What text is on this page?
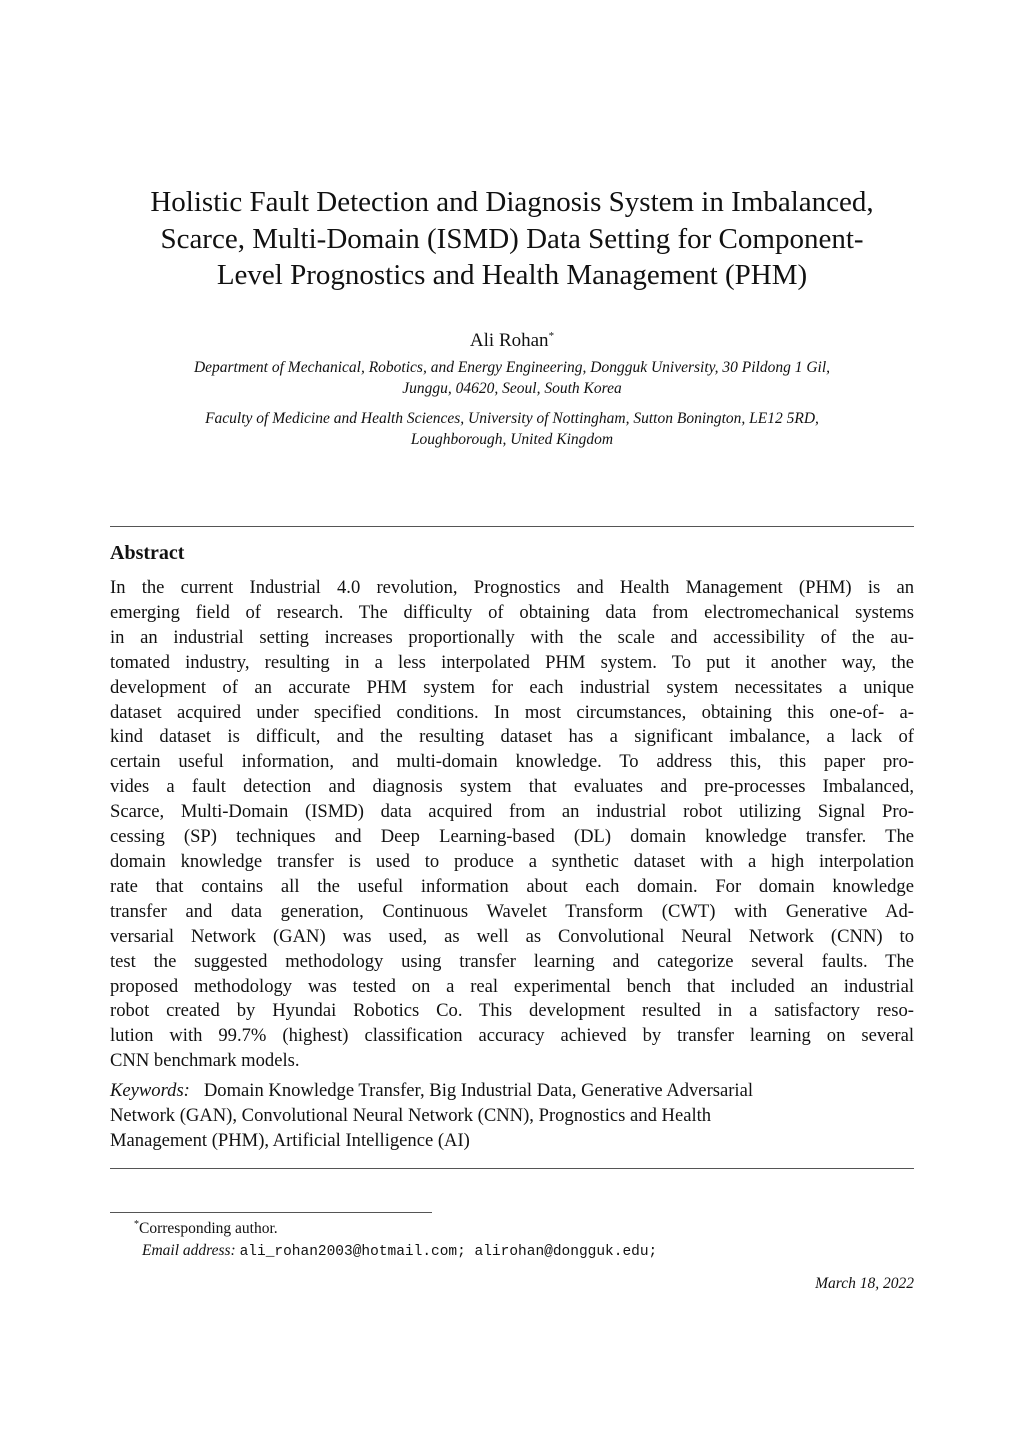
Holistic Fault Detection and Diagnosis System in Imbalanced,
Scarce, Multi-Domain (ISMD) Data Setting for Component-
Level Prognostics and Health Management (PHM)
Ali Rohan*
Department of Mechanical, Robotics, and Energy Engineering, Dongguk University, 30 Pildong 1 Gil,
Junggu, 04620, Seoul, South Korea
Faculty of Medicine and Health Sciences, University of Nottingham, Sutton Bonington, LE12 5RD,
Loughborough, United Kingdom
Abstract
In the current Industrial 4.0 revolution, Prognostics and Health Management (PHM) is an
emerging field of research. The difficulty of obtaining data from electromechanical systems
in an industrial setting increases proportionally with the scale and accessibility of the au-
tomated industry, resulting in a less interpolated PHM system. To put it another way, the
development of an accurate PHM system for each industrial system necessitates a unique
dataset acquired under specified conditions. In most circumstances, obtaining this one-of- a-
kind dataset is difficult, and the resulting dataset has a significant imbalance, a lack of
certain useful information, and multi-domain knowledge. To address this, this paper pro-
vides a fault detection and diagnosis system that evaluates and pre-processes Imbalanced,
Scarce, Multi-Domain (ISMD) data acquired from an industrial robot utilizing Signal Pro-
cessing (SP) techniques and Deep Learning-based (DL) domain knowledge transfer. The
domain knowledge transfer is used to produce a synthetic dataset with a high interpolation
rate that contains all the useful information about each domain. For domain knowledge
transfer and data generation, Continuous Wavelet Transform (CWT) with Generative Ad-
versarial Network (GAN) was used, as well as Convolutional Neural Network (CNN) to
test the suggested methodology using transfer learning and categorize several faults. The
proposed methodology was tested on a real experimental bench that included an industrial
robot created by Hyundai Robotics Co. This development resulted in a satisfactory reso-
lution with 99.7% (highest) classification accuracy achieved by transfer learning on several
CNN benchmark models.
Keywords: Domain Knowledge Transfer, Big Industrial Data, Generative Adversarial
Network (GAN), Convolutional Neural Network (CNN), Prognostics and Health
Management (PHM), Artificial Intelligence (AI)
*Corresponding author.
Email address: ali_rohan2003@hotmail.com; alirohan@dongguk.edu;
March 18, 2022
